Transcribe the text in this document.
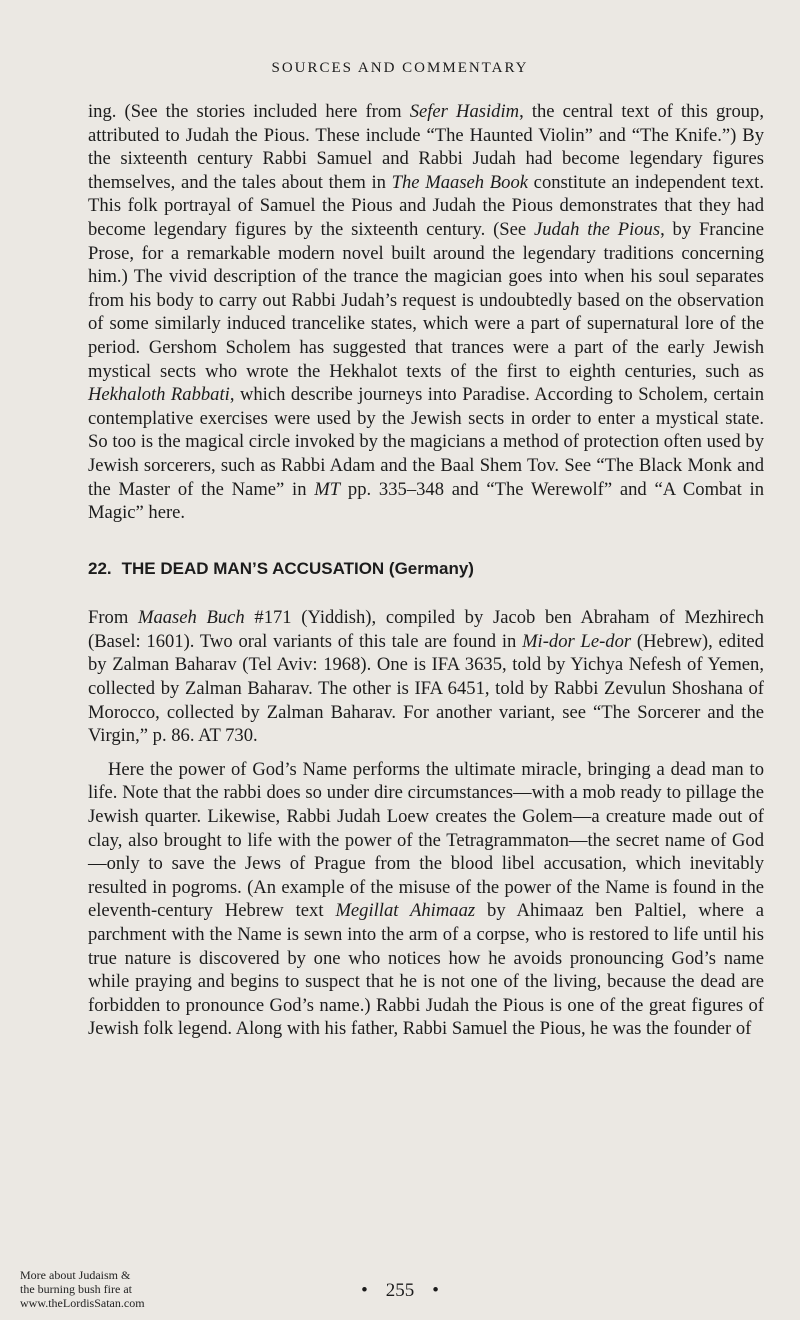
SOURCES AND COMMENTARY

ing. (See the stories included here from Sefer Hasidim, the central text of this group, attributed to Judah the Pious. These include “The Haunted Violin” and “The Knife.”) By the sixteenth century Rabbi Samuel and Rabbi Judah had become legendary figures themselves, and the tales about them in The Maaseh Book constitute an independent text. This folk portrayal of Samuel the Pious and Judah the Pious demonstrates that they had become legendary figures by the sixteenth century. (See Judah the Pious, by Francine Prose, for a remarkable modern novel built around the legendary traditions concerning him.) The vivid description of the trance the magician goes into when his soul separates from his body to carry out Rabbi Judah’s request is undoubtedly based on the observation of some similarly induced trancelike states, which were a part of supernatural lore of the period. Gershom Scholem has suggested that trances were a part of the early Jewish mystical sects who wrote the Hekhalot texts of the first to eighth centuries, such as Hekhaloth Rabbati, which describe journeys into Paradise. According to Scholem, certain contemplative exercises were used by the Jewish sects in order to enter a mystical state. So too is the magical circle invoked by the magicians a method of protection often used by Jewish sorcerers, such as Rabbi Adam and the Baal Shem Tov. See “The Black Monk and the Master of the Name” in MT pp. 335–348 and “The Werewolf” and “A Combat in Magic” here.

22. THE DEAD MAN’S ACCUSATION (Germany)

From Maaseh Buch #171 (Yiddish), compiled by Jacob ben Abraham of Mezhirech (Basel: 1601). Two oral variants of this tale are found in Mi-dor Le-dor (Hebrew), edited by Zalman Baharav (Tel Aviv: 1968). One is IFA 3635, told by Yichya Nefesh of Yemen, collected by Zalman Baharav. The other is IFA 6451, told by Rabbi Zevulun Shoshana of Morocco, collected by Zalman Baharav. For another variant, see “The Sorcerer and the Virgin,” p. 86. AT 730.

Here the power of God’s Name performs the ultimate miracle, bringing a dead man to life. Note that the rabbi does so under dire circumstances—with a mob ready to pillage the Jewish quarter. Likewise, Rabbi Judah Loew creates the Golem—a creature made out of clay, also brought to life with the power of the Tetragrammaton—the secret name of God—only to save the Jews of Prague from the blood libel accusation, which inevitably resulted in pogroms. (An example of the misuse of the power of the Name is found in the eleventh-century Hebrew text Megillat Ahimaaz by Ahimaaz ben Paltiel, where a parchment with the Name is sewn into the arm of a corpse, who is restored to life until his true nature is discovered by one who notices how he avoids pronouncing God’s name while praying and begins to suspect that he is not one of the living, because the dead are forbidden to pronounce God’s name.) Rabbi Judah the Pious is one of the great figures of Jewish folk legend. Along with his father, Rabbi Samuel the Pious, he was the founder of

• 255 •
More about Judaism &
the burning bush fire at
www.theLordisSatan.com
